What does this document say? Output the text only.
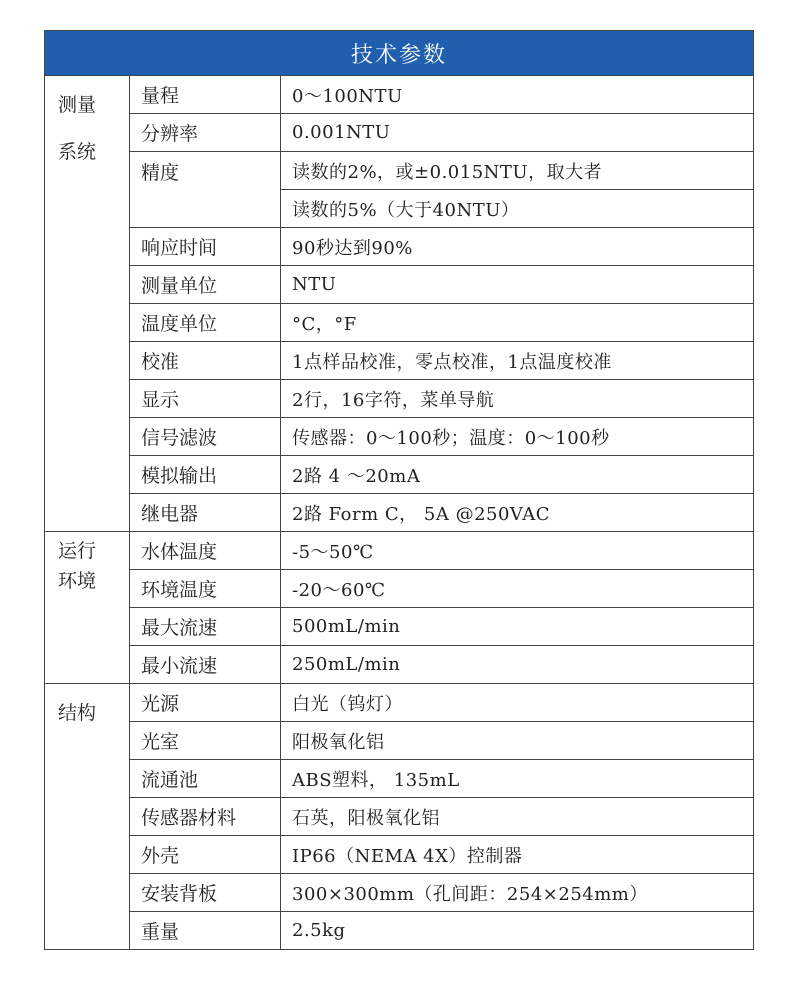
技术参数		

测量
系统	量程	0～100NTU
	分辨率	0.001NTU
	精度	读数的2%，或±0.015NTU，取大者
		读数的5%（大于40NTU）
	响应时间	90秒达到90%
	测量单位	NTU
	温度单位	°C，°F
	校准	1点样品校准，零点校准，1点温度校准
	显示	2行，16字符，菜单导航
	信号滤波	传感器：0～100秒；温度：0～100秒
	模拟输出	2路 4 ～20mA
	继电器	2路 Form C， 5A @250VAC

运行
环境	水体温度	-5～50℃
	环境温度	-20～60℃
	最大流速	500mL/min
	最小流速	250mL/min

结构	光源	白光（钨灯）
	光室	阳极氧化铝
	流通池	ABS塑料， 135mL
	传感器材料	石英，阳极氧化铝
	外壳	IP66（NEMA 4X）控制器
	安装背板	300×300mm（孔间距：254×254mm）
	重量	2.5kg
